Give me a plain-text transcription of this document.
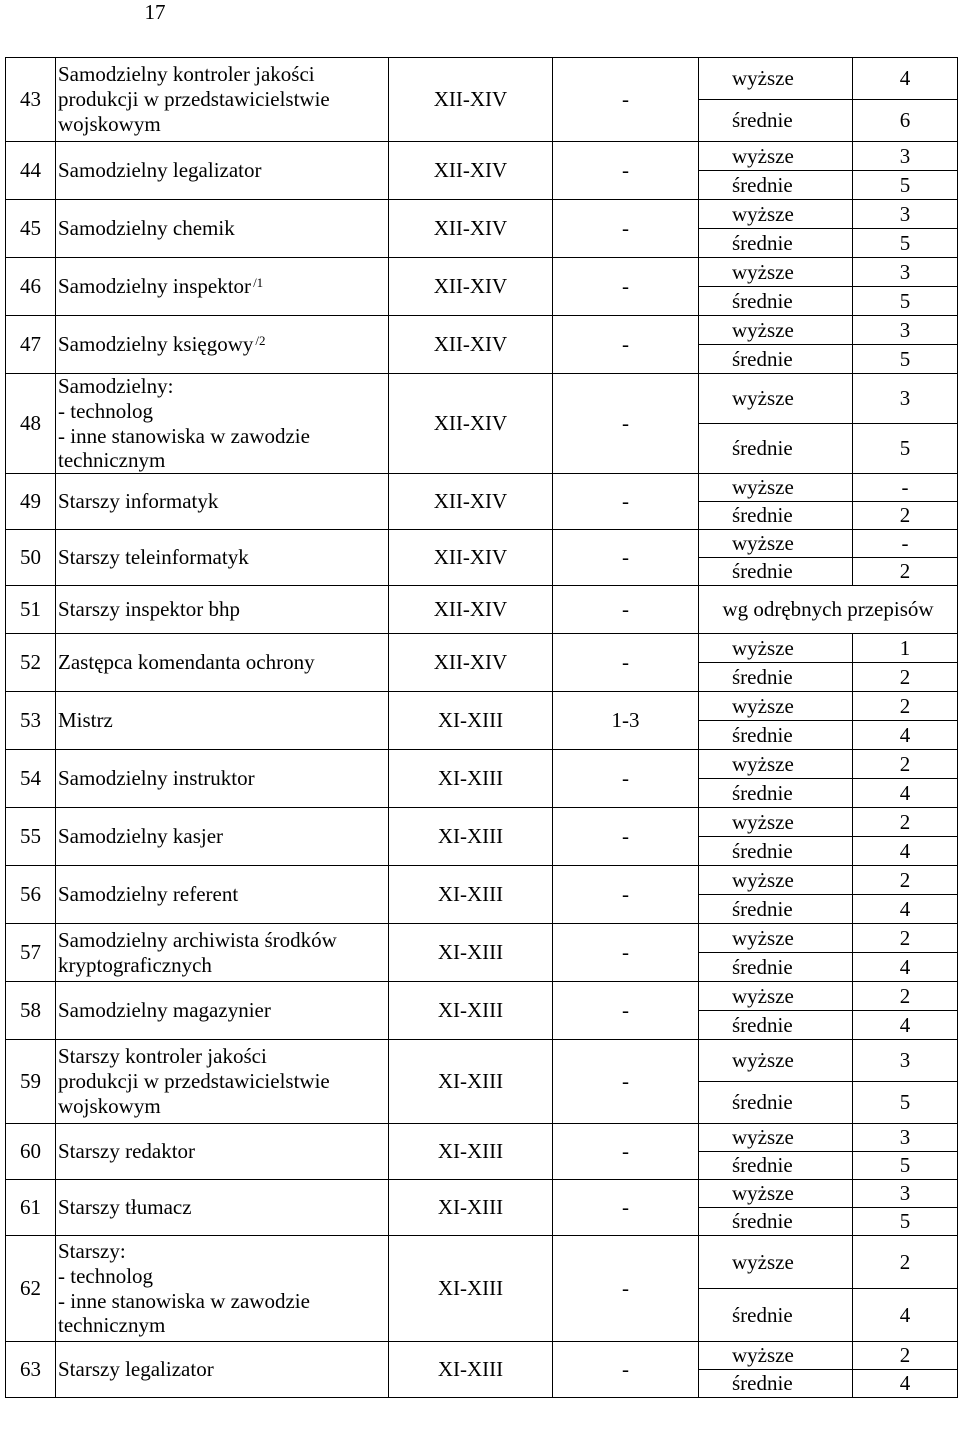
17
43	Samodzielny kontroler jakości
produkcji w przedstawicielstwie
wojskowym	XII-XIV	-	wyższe	4
				średnie	6
44	Samodzielny legalizator	XII-XIV	-	wyższe	3
				średnie	5
45	Samodzielny chemik	XII-XIV	-	wyższe	3
				średnie	5
46	Samodzielny inspektor $^{/1}$	XII-XIV	-	wyższe	3
				średnie	5
47	Samodzielny księgowy $^{/2}$	XII-XIV	-	wyższe	3
				średnie	5
48	Samodzielny:
- technolog
- inne stanowiska w zawodzie
technicznym	XII-XIV	-	wyższe	3
				średnie	5
49	Starszy informatyk	XII-XIV	-	wyższe	-
				średnie	2
50	Starszy teleinformatyk	XII-XIV	-	wyższe	-
				średnie	2
51	Starszy inspektor bhp	XII-XIV	-	wg odrębnych przepisów	
52	Zastępca komendanta ochrony	XII-XIV	-	wyższe	1
				średnie	2
53	Mistrz	XI-XIII	1-3	wyższe	2
				średnie	4
54	Samodzielny instruktor	XI-XIII	-	wyższe	2
				średnie	4
55	Samodzielny kasjer	XI-XIII	-	wyższe	2
				średnie	4
56	Samodzielny referent	XI-XIII	-	wyższe	2
				średnie	4
57	Samodzielny archiwista środków
kryptograficznych	XI-XIII	-	wyższe	2
				średnie	4
58	Samodzielny magazynier	XI-XIII	-	wyższe	2
				średnie	4
59	Starszy kontroler jakości
produkcji w przedstawicielstwie
wojskowym	XI-XIII	-	wyższe	3
				średnie	5
60	Starszy redaktor	XI-XIII	-	wyższe	3
				średnie	5
61	Starszy tłumacz	XI-XIII	-	wyższe	3
				średnie	5
62	Starszy:
- technolog
- inne stanowiska w zawodzie
technicznym	XI-XIII	-	wyższe	2
				średnie	4
63	Starszy legalizator	XI-XIII	-	wyższe	2
				średnie	4
